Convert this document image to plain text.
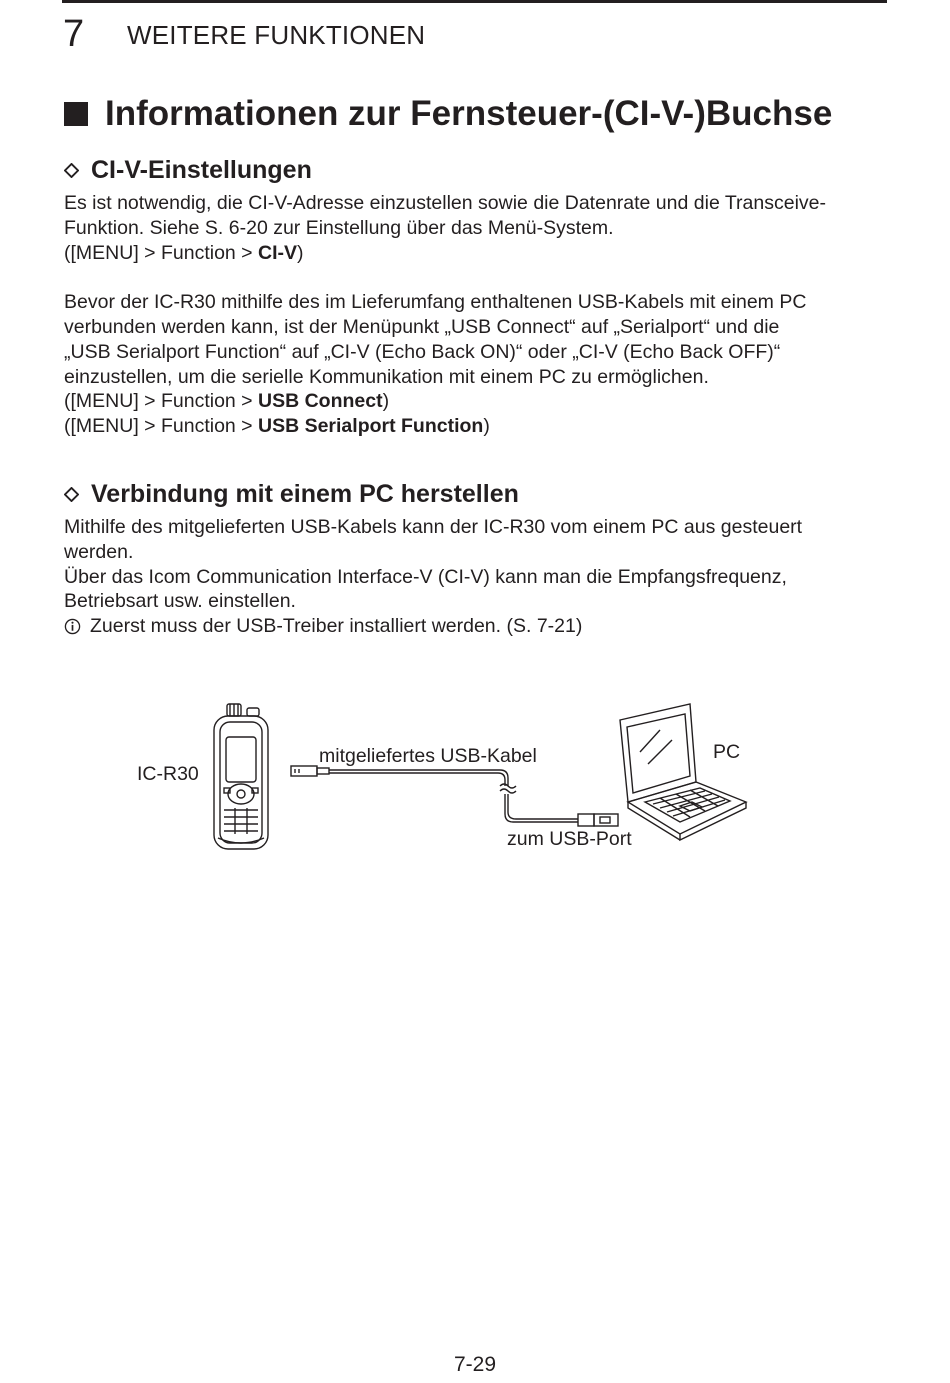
7 WEITERE FUNKTIONEN
Informationen zur Fernsteuer-(CI-V-)Buchse
CI-V-Einstellungen

Es ist notwendig, die CI-V-Adresse einzustellen sowie die Datenrate und die Transceive-

Funktion. Siehe S. 6-20 zur Einstellung über das Menü-System.

([MENU] > Function > CI-V)

Bevor der IC-R30 mithilfe des im Lieferumfang enthaltenen USB-Kabels mit einem PC

verbunden werden kann, ist der Menüpunkt „USB Connect“ auf „Serialport“ und die

„USB Serialport Function“ auf „CI-V (Echo Back ON)“ oder „CI-V (Echo Back OFF)“

einzustellen, um die serielle Kommunikation mit einem PC zu ermöglichen.

([MENU] > Function > USB Connect)

([MENU] > Function > USB Serialport Function)

Verbindung mit einem PC herstellen

Mithilfe des mitgelieferten USB-Kabels kann der IC-R30 vom einem PC aus gesteuert

werden.

Über das Icom Communication Interface-V (CI-V) kann man die Empfangsfrequenz,

Betriebsart usw. einstellen.

Zuerst muss der USB-Treiber installiert werden. (S. 7-21)

IC-R30
mitgeliefertes USB-Kabel	PC
zum USB-Port
7-29
